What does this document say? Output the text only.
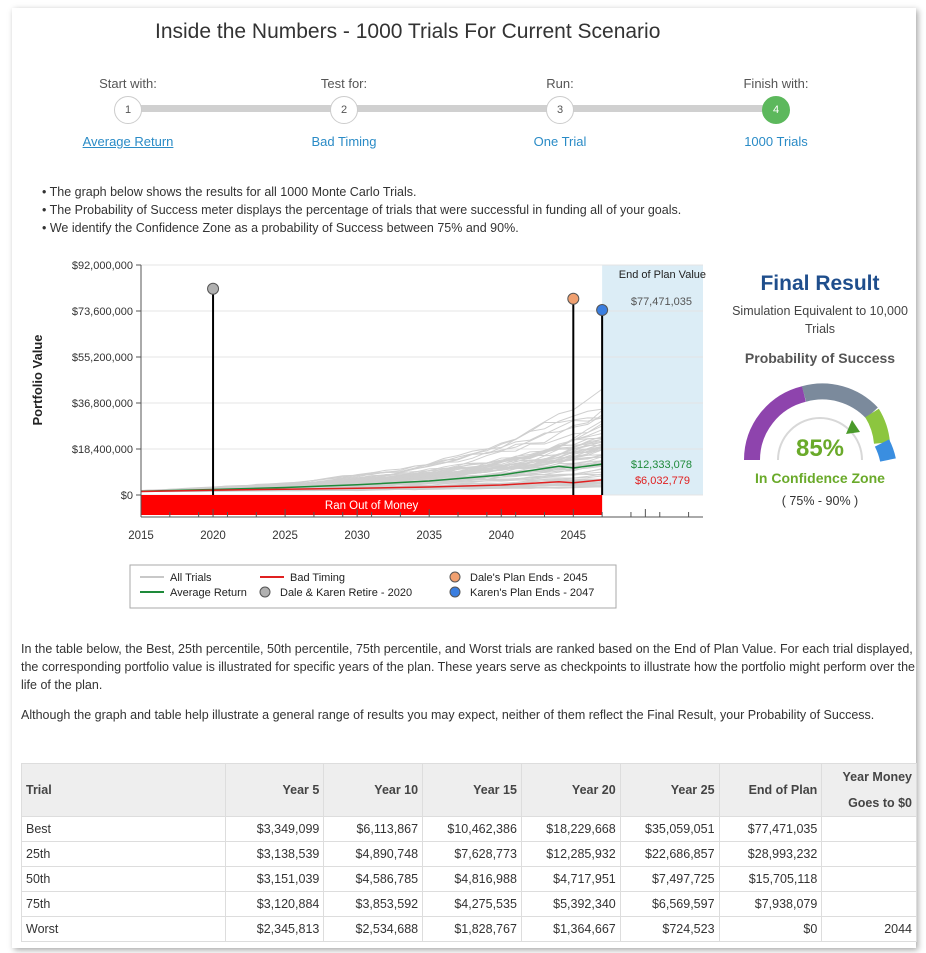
Inside the Numbers - 1000 Trials For Current Scenario
Start with:
1
Average Return
Test for:
2
Bad Timing
Run:
3
One Trial
Finish with:
4
1000 Trials
• The graph below shows the results for all 1000 Monte Carlo Trials.
• The Probability of Success meter displays the percentage of trials that were successful in funding all of your goals.
• We identify the Confidence Zone as a probability of Success between 75% and 90%.
$92,000,000
$73,600,000
$55,200,000
$36,800,000
$18,400,000
$0
Ran Out of Money
2015	2020	2025	2030	2035	2040	2045
Portfolio Value
End of Plan Value
$77,471,035
$12,333,078
$6,032,779
All Trials	Bad Timing	Dale's Plan Ends - 2045
Average Return	Dale & Karen Retire - 2020	Karen's Plan Ends - 2047
Final Result
Simulation Equivalent to 10,000 Trials
Probability of Success
85%
In Confidence Zone
( 75% - 90% )
In the table below, the Best, 25th percentile, 50th percentile, 75th percentile, and Worst trials are ranked based on the End of Plan Value. For each trial displayed, the corresponding portfolio value is illustrated for specific years of the plan. These years serve as checkpoints to illustrate how the portfolio might perform over the life of the plan.
Although the graph and table help illustrate a general range of results you may expect, neither of them reflect the Final Result, your Probability of Success.
Trial	Year 5	Year 10	Year 15	Year 20	Year 25	End of Plan	Year Money Goes to $0
Best	$3,349,099	$6,113,867	$10,462,386	$18,229,668	$35,059,051	$77,471,035	
25th	$3,138,539	$4,890,748	$7,628,773	$12,285,932	$22,686,857	$28,993,232	
50th	$3,151,039	$4,586,785	$4,816,988	$4,717,951	$7,497,725	$15,705,118	
75th	$3,120,884	$3,853,592	$4,275,535	$5,392,340	$6,569,597	$7,938,079	
Worst	$2,345,813	$2,534,688	$1,828,767	$1,364,667	$724,523	$0	2044
